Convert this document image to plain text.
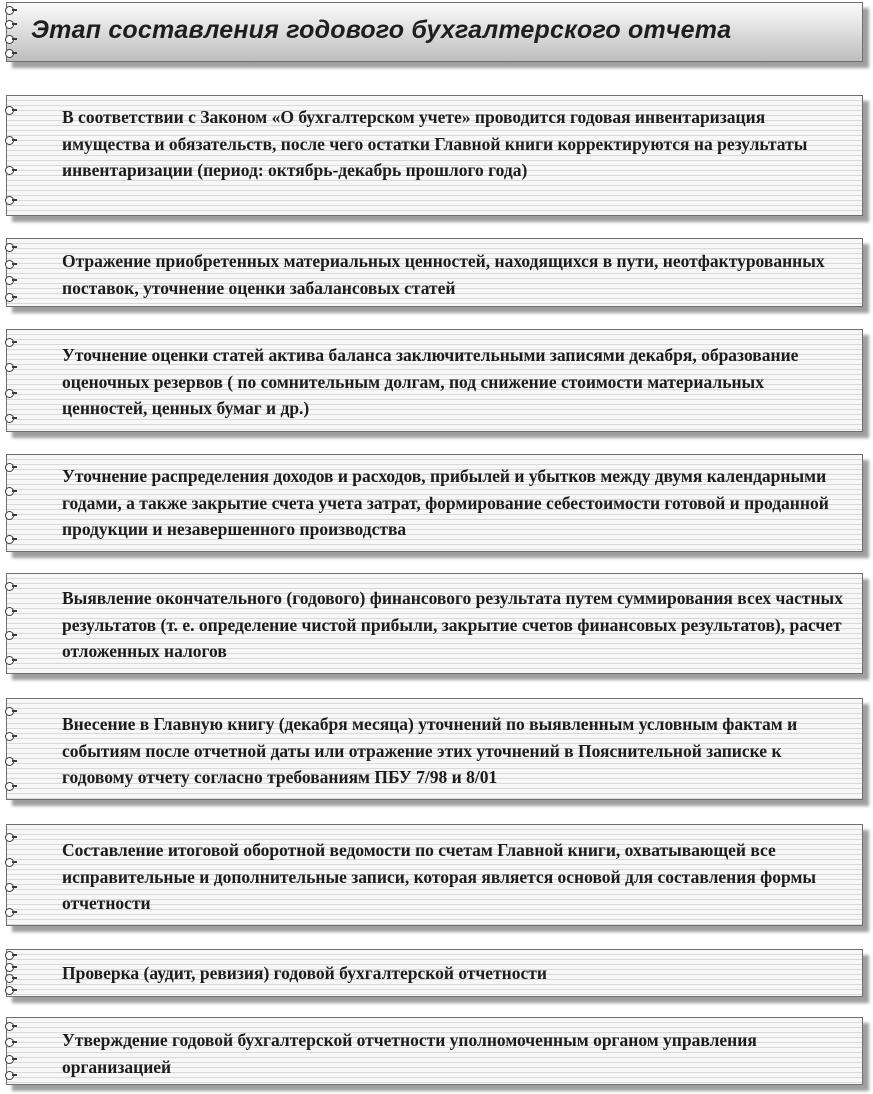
Этап составления годового бухгалтерского отчета
В соответствии с Законом «О бухгалтерском учете» проводится годовая инвентаризация имущества и обязательств, после чего остатки Главной книги корректируются на результаты инвентаризации (период: октябрь-декабрь прошлого года)
Отражение приобретенных материальных ценностей, находящихся в пути, неотфактурованных поставок, уточнение оценки забалансовых статей
Уточнение оценки статей актива баланса заключительными записями декабря, образование оценочных резервов ( по сомнительным долгам, под снижение стоимости материальных ценностей, ценных бумаг и др.)
Уточнение распределения доходов и расходов, прибылей и убытков между двумя календарными годами, а также закрытие счета учета затрат, формирование себестоимости готовой и проданной продукции и незавершенного производства
Выявление окончательного (годового) финансового результата путем суммирования всех частных результатов (т. е. определение чистой прибыли, закрытие счетов финансовых результатов), расчет отложенных налогов
Внесение в Главную книгу (декабря месяца) уточнений по выявленным условным фактам и событиям после отчетной даты или отражение этих уточнений в Пояснительной записке к годовому отчету согласно требованиям ПБУ 7/98 и 8/01
Составление итоговой оборотной ведомости по счетам Главной книги, охватывающей все исправительные и дополнительные записи, которая является основой для составления формы отчетности
Проверка (аудит, ревизия) годовой бухгалтерской отчетности
Утверждение годовой бухгалтерской отчетности уполномоченным органом управления организацией
